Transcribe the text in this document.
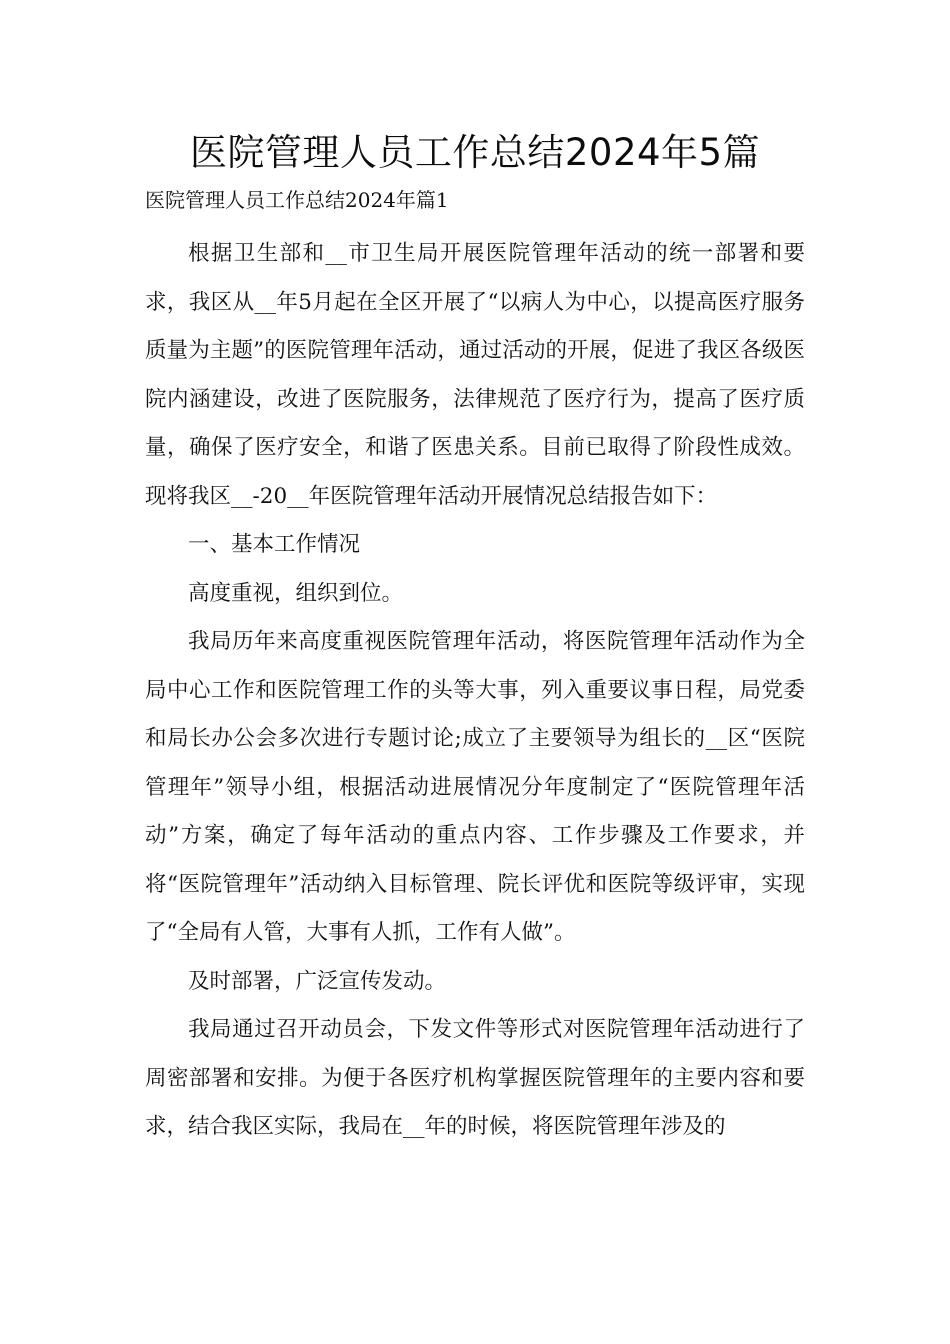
医院管理人员工作总结2024年5篇

医院管理人员工作总结2024年篇1

根据卫生部和__市卫生局开展医院管理年活动的统一部署和要求，我区从__年5月起在全区开展了“以病人为中心，以提高医疗服务质量为主题”的医院管理年活动，通过活动的开展，促进了我区各级医院内涵建设，改进了医院服务，法律规范了医疗行为，提高了医疗质量，确保了医疗安全，和谐了医患关系。目前已取得了阶段性成效。现将我区__-20__年医院管理年活动开展情况总结报告如下：

一、基本工作情况

高度重视，组织到位。

我局历年来高度重视医院管理年活动，将医院管理年活动作为全局中心工作和医院管理工作的头等大事，列入重要议事日程，局党委和局长办公会多次进行专题讨论;成立了主要领导为组长的__区“医院管理年”领导小组，根据活动进展情况分年度制定了“医院管理年活动”方案，确定了每年活动的重点内容、工作步骤及工作要求，并将“医院管理年”活动纳入目标管理、院长评优和医院等级评审，实现了“全局有人管，大事有人抓，工作有人做”。

及时部署，广泛宣传发动。

我局通过召开动员会，下发文件等形式对医院管理年活动进行了周密部署和安排。为便于各医疗机构掌握医院管理年的主要内容和要求，结合我区实际，我局在__年的时候，将医院管理年涉及的
